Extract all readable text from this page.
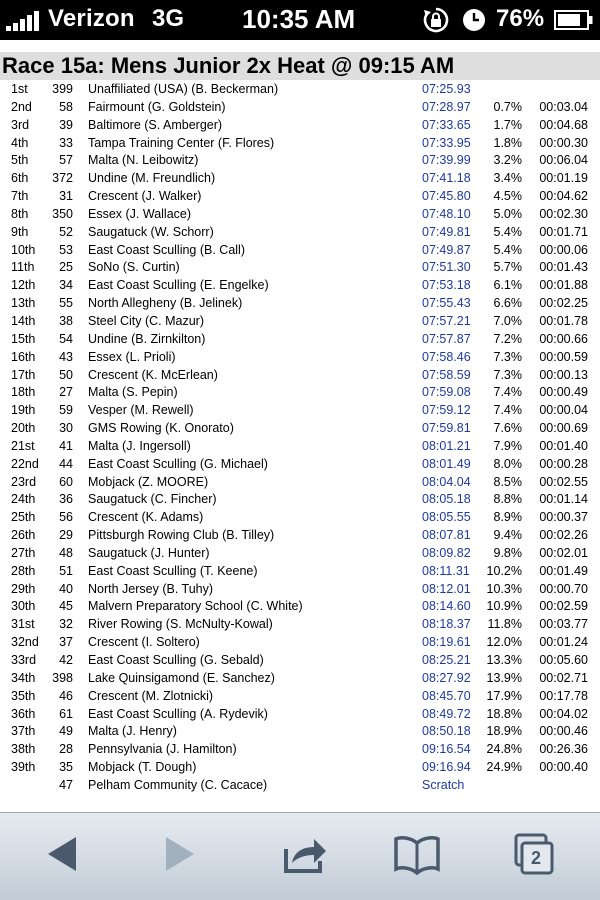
Verizon 3G 10:35 AM	76%
Race 15a: Mens Junior 2x Heat @ 09:15 AM
1st 399 Unaffiliated (USA) (B. Beckerman)	07:25.93
2nd 58 Fairmount (G. Goldstein)	07:28.97 0.7% 00:03.04
3rd 39 Baltimore (S. Amberger)	07:33.65 1.7% 00:04.68
4th 33 Tampa Training Center (F. Flores)	07:33.95 1.8% 00:00.30
5th 57 Malta (N. Leibowitz)	07:39.99 3.2% 00:06.04
6th 372 Undine (M. Freundlich)	07:41.18 3.4% 00:01.19
7th 31 Crescent (J. Walker)	07:45.80 4.5% 00:04.62
8th 350 Essex (J. Wallace)	07:48.10 5.0% 00:02.30
9th 52 Saugatuck (W. Schorr)	07:49.81 5.4% 00:01.71
10th 53 East Coast Sculling (B. Call)	07:49.87 5.4% 00:00.06
11th 25 SoNo (S. Curtin)	07:51.30 5.7% 00:01.43
12th 34 East Coast Sculling (E. Engelke)	07:53.18 6.1% 00:01.88
13th 55 North Allegheny (B. Jelinek)	07:55.43 6.6% 00:02.25
14th 38 Steel City (C. Mazur)	07:57.21 7.0% 00:01.78
15th 54 Undine (B. Zirnkilton)	07:57.87 7.2% 00:00.66
16th 43 Essex (L. Prioli)	07:58.46 7.3% 00:00.59
17th 50 Crescent (K. McErlean)	07:58.59 7.3% 00:00.13
18th 27 Malta (S. Pepin)	07:59.08 7.4% 00:00.49
19th 59 Vesper (M. Rewell)	07:59.12 7.4% 00:00.04
20th 30 GMS Rowing (K. Onorato)	07:59.81 7.6% 00:00.69
21st 41 Malta (J. Ingersoll)	08:01.21 7.9% 00:01.40
22nd 44 East Coast Sculling (G. Michael)	08:01.49 8.0% 00:00.28
23rd 60 Mobjack (Z. MOORE)	08:04.04 8.5% 00:02.55
24th 36 Saugatuck (C. Fincher)	08:05.18 8.8% 00:01.14
25th 56 Crescent (K. Adams)	08:05.55 8.9% 00:00.37
26th 29 Pittsburgh Rowing Club (B. Tilley)	08:07.81 9.4% 00:02.26
27th 48 Saugatuck (J. Hunter)	08:09.82 9.8% 00:02.01
28th 51 East Coast Sculling (T. Keene)	08:11.31 10.2% 00:01.49
29th 40 North Jersey (B. Tuhy)	08:12.01 10.3% 00:00.70
30th 45 Malvern Preparatory School (C. White)	08:14.60 10.9% 00:02.59
31st 32 River Rowing (S. McNulty-Kowal)	08:18.37 11.8% 00:03.77
32nd 37 Crescent (I. Soltero)	08:19.61 12.0% 00:01.24
33rd 42 East Coast Sculling (G. Sebald)	08:25.21 13.3% 00:05.60
34th 398 Lake Quinsigamond (E. Sanchez)	08:27.92 13.9% 00:02.71
35th 46 Crescent (M. Zlotnicki)	08:45.70 17.9% 00:17.78
36th 61 East Coast Sculling (A. Rydevik)	08:49.72 18.8% 00:04.02
37th 49 Malta (J. Henry)	08:50.18 18.9% 00:00.46
38th 28 Pennsylvania (J. Hamilton)	09:16.54 24.8% 00:26.36
39th 35 Mobjack (T. Dough)	09:16.94 24.9% 00:00.40
47 Pelham Community (C. Cacace)	Scratch
2
